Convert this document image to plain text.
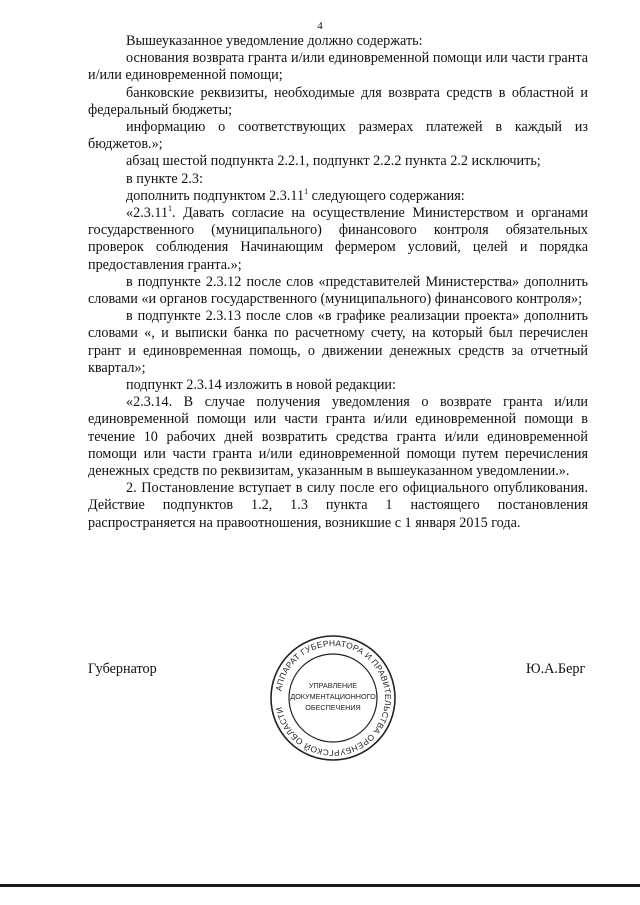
4

Вышеуказанное уведомление должно содержать:

основания возврата гранта и/или единовременной помощи или части гранта и/или единовременной помощи;

банковские реквизиты, необходимые для возврата средств в областной и федеральный бюджеты;

информацию о соответствующих размерах платежей в каждый из бюджетов.»;

абзац шестой подпункта 2.2.1, подпункт 2.2.2 пункта 2.2 исключить;

в пункте 2.3:

дополнить подпунктом 2.3.11$^1$ следующего содержания:

«2.3.11$^1$. Давать согласие на осуществление Министерством и органами государственного (муниципального) финансового контроля обязательных проверок соблюдения Начинающим фермером условий, целей и порядка предоставления гранта.»;

в подпункте 2.3.12 после слов «представителей Министерства» дополнить словами «и органов государственного (муниципального) финансового контроля»;

в подпункте 2.3.13 после слов «в графике реализации проекта» дополнить словами «, и выписки банка по расчетному счету, на который был перечислен грант и единовременная помощь, о движении денежных средств за отчетный квартал»;

подпункт 2.3.14 изложить в новой редакции:

«2.3.14. В случае получения уведомления о возврате гранта и/или единовременной помощи или части гранта и/или единовременной помощи в течение 10 рабочих дней возвратить средства гранта и/или единовременной помощи или части гранта и/или единовременной помощи путем перечисления денежных средств по реквизитам, указанным в вышеуказанном уведомлении.».

2. Постановление вступает в силу после его официального опубликования. Действие подпунктов 1.2, 1.3 пункта 1 настоящего постановления распространяется на правоотношения, возникшие с 1 января 2015 года.

Губернатор	Ю.А.Берг
АППАРАТ ГУБЕРНАТОРА И ПРАВИТЕЛЬСТВА ОРЕНБУРГСКОЙ ОБЛАСТИ
УПРАВЛЕНИЕ
ДОКУМЕНТАЦИОННОГО
ОБЕСПЕЧЕНИЯ
